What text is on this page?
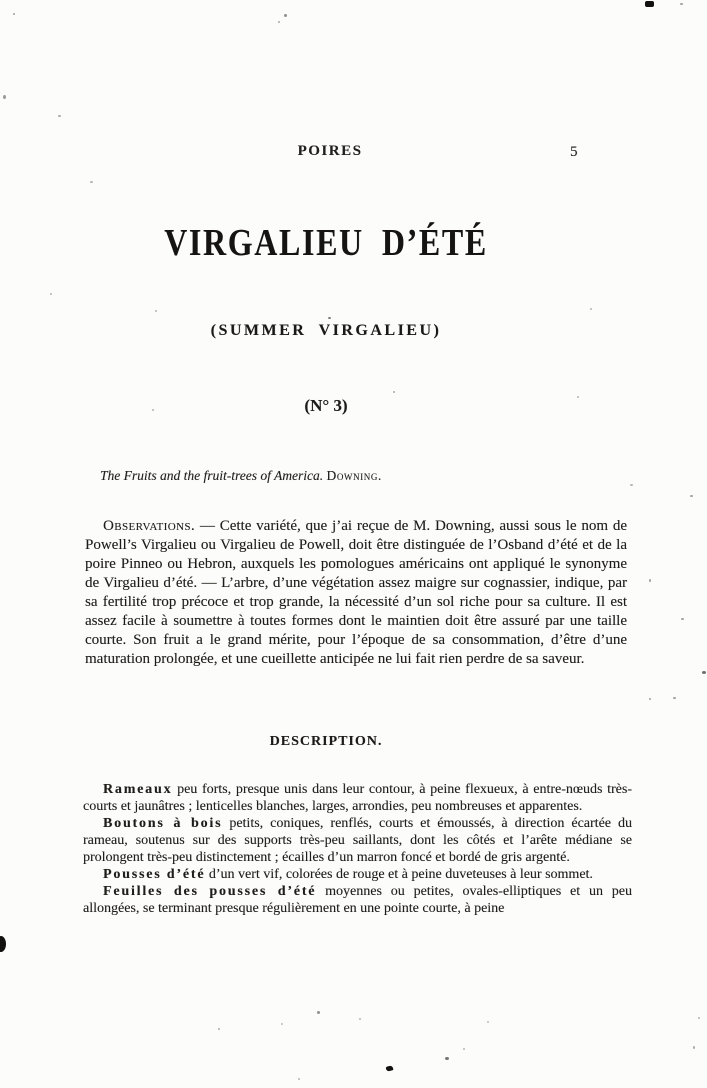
POIRES	5
VIRGALIEU D’ÉTÉ
(SUMMER VIRGALIEU)
(N° 3)
The Fruits and the fruit-trees of America. Downing.

Observations. — Cette variété, que j’ai reçue de M. Downing, aussi sous le nom de Powell’s Virgalieu ou Virgalieu de Powell, doit être distinguée de l’Osband d’été et de la poire Pinneo ou Hebron, auxquels les pomologues américains ont appliqué le synonyme de Virgalieu d’été. — L’arbre, d’une végétation assez maigre sur cognassier, indique, par sa fertilité trop précoce et trop grande, la nécessité d’un sol riche pour sa culture. Il est assez facile à soumettre à toutes formes dont le maintien doit être assuré par une taille courte. Son fruit a le grand mérite, pour l’époque de sa consommation, d’être d’une maturation prolongée, et une cueillette anticipée ne lui fait rien perdre de sa saveur.

DESCRIPTION.

Rameaux peu forts, presque unis dans leur contour, à peine flexueux, à entre-nœuds très-courts et jaunâtres ; lenticelles blanches, larges, arrondies, peu nombreuses et apparentes.

Boutons à bois petits, coniques, renflés, courts et émoussés, à direction écartée du rameau, soutenus sur des supports très-peu saillants, dont les côtés et l’arête médiane se prolongent très-peu distinctement ; écailles d’un marron foncé et bordé de gris argenté.

Pousses d’été d’un vert vif, colorées de rouge et à peine duveteuses à leur sommet.

Feuilles des pousses d’été moyennes ou petites, ovales-elliptiques et un peu allongées, se terminant presque régulièrement en une pointe courte, à peine
